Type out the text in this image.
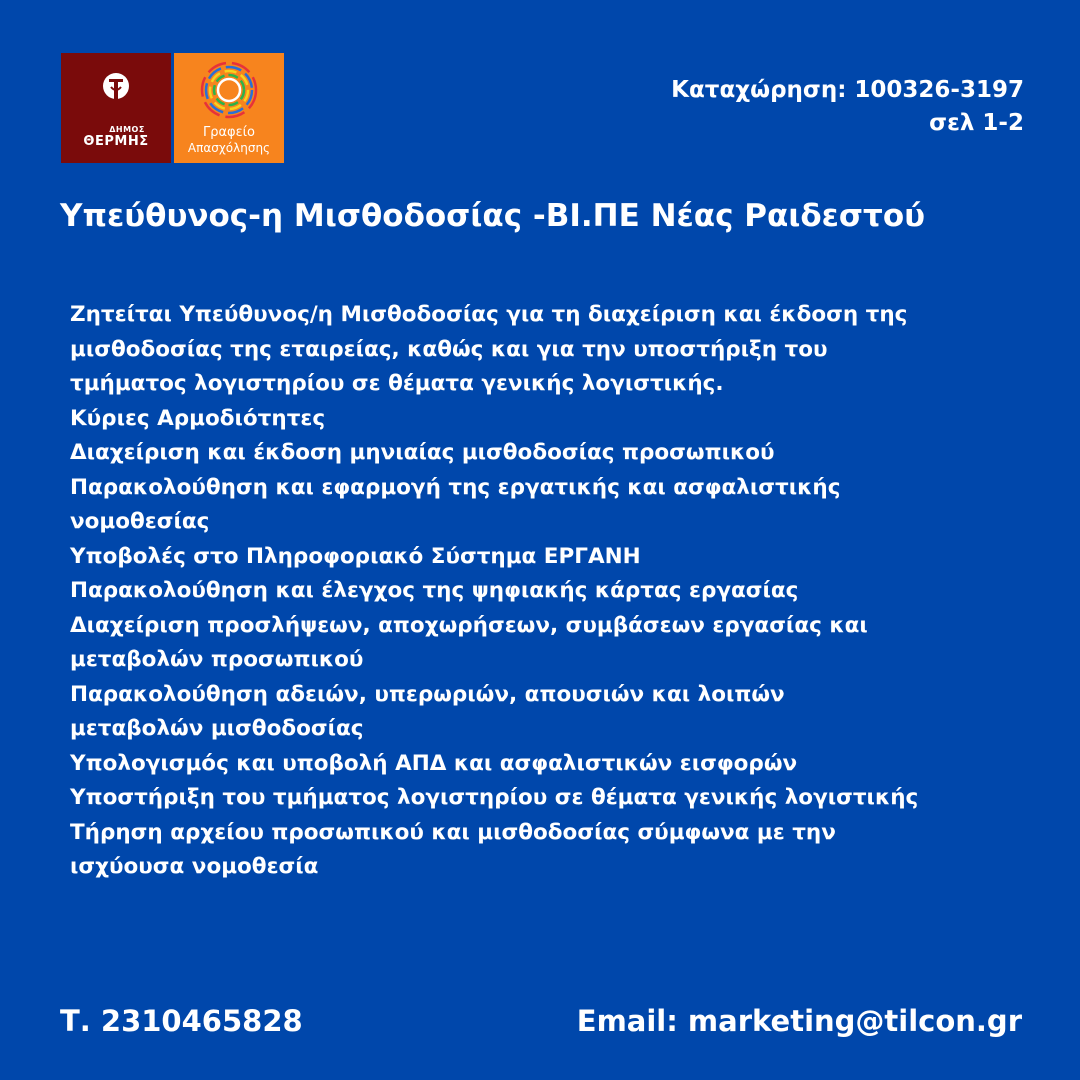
ΔΗΜΟΣ
ΘΕΡΜΗΣ
Γραφείο
Απασχόλησης
Καταχώρηση: 100326-3197
σελ 1-2
Υπεύθυνος-η Μισθοδοσίας -ΒΙ.ΠΕ Νέας Ραιδεστού
Ζητείται Υπεύθυνος/η Μισθοδοσίας για τη διαχείριση και έκδοση της
μισθοδοσίας της εταιρείας, καθώς και για την υποστήριξη του
τμήματος λογιστηρίου σε θέματα γενικής λογιστικής.
Κύριες Αρμοδιότητες
Διαχείριση και έκδοση μηνιαίας μισθοδοσίας προσωπικού
Παρακολούθηση και εφαρμογή της εργατικής και ασφαλιστικής
νομοθεσίας
Υποβολές στο Πληροφοριακό Σύστημα ΕΡΓΑΝΗ
Παρακολούθηση και έλεγχος της ψηφιακής κάρτας εργασίας
Διαχείριση προσλήψεων, αποχωρήσεων, συμβάσεων εργασίας και
μεταβολών προσωπικού
Παρακολούθηση αδειών, υπερωριών, απουσιών και λοιπών
μεταβολών μισθοδοσίας
Υπολογισμός και υποβολή ΑΠΔ και ασφαλιστικών εισφορών
Υποστήριξη του τμήματος λογιστηρίου σε θέματα γενικής λογιστικής
Τήρηση αρχείου προσωπικού και μισθοδοσίας σύμφωνα με την
ισχύουσα νομοθεσία
Τ. 2310465828	Email: marketing@tilcon.gr
